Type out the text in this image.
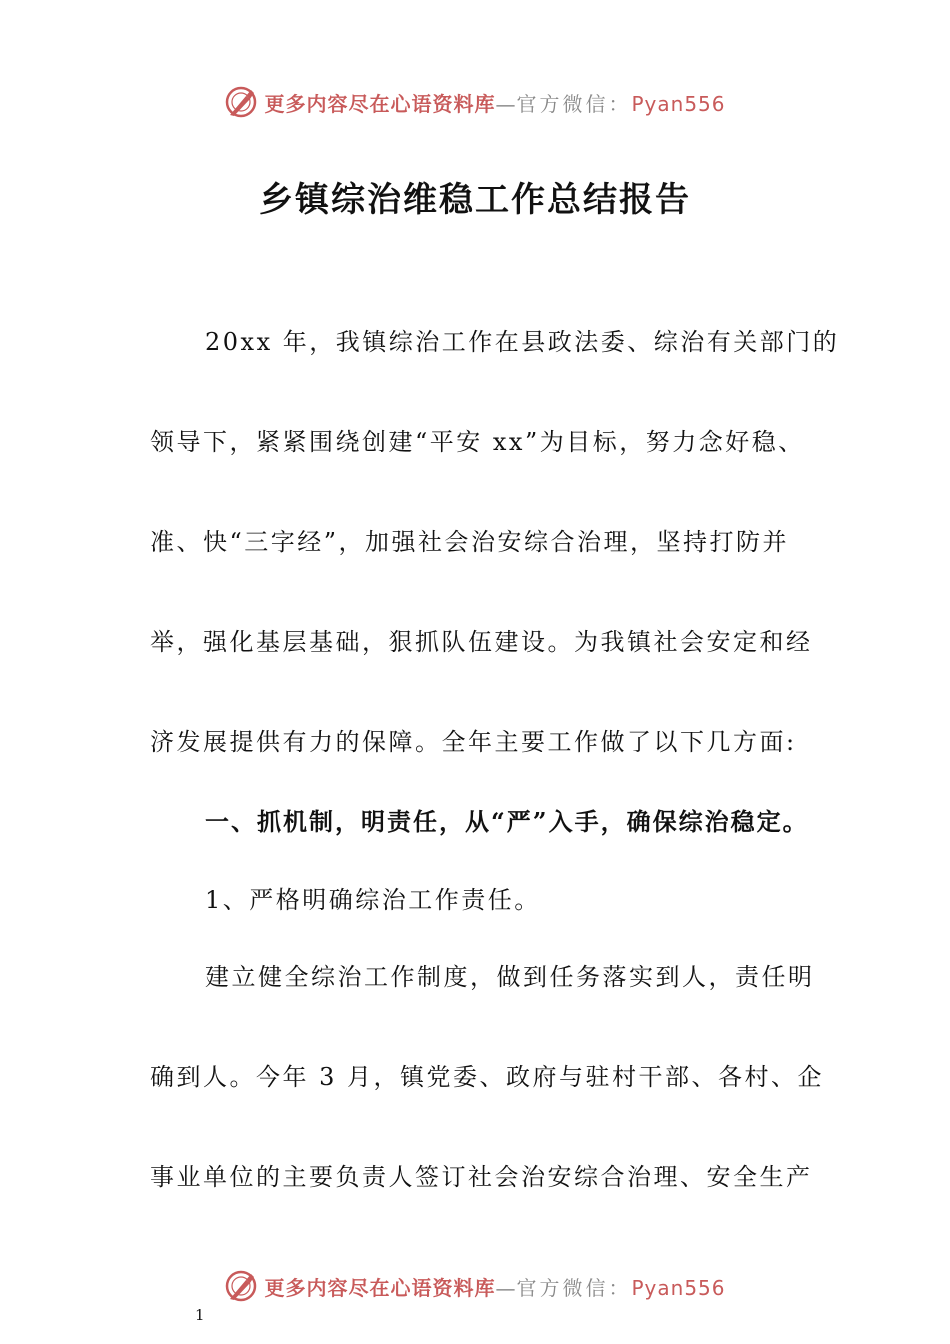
更多内容尽在心语资料库—官方微信：Pyan556
乡镇综治维稳工作总结报告

20xx 年，我镇综治工作在县政法委、综治有关部门的

领导下，紧紧围绕创建“平安 xx”为目标，努力念好稳、

准、快“三字经”，加强社会治安综合治理，坚持打防并

举，强化基层基础，狠抓队伍建设。为我镇社会安定和经

济发展提供有力的保障。全年主要工作做了以下几方面:

一、抓机制，明责任，从“严”入手，确保综治稳定。

1、严格明确综治工作责任。

建立健全综治工作制度，做到任务落实到人，责任明

确到人。今年 3 月，镇党委、政府与驻村干部、各村、企

事业单位的主要负责人签订社会治安综合治理、安全生产

更多内容尽在心语资料库—官方微信：Pyan556
1
